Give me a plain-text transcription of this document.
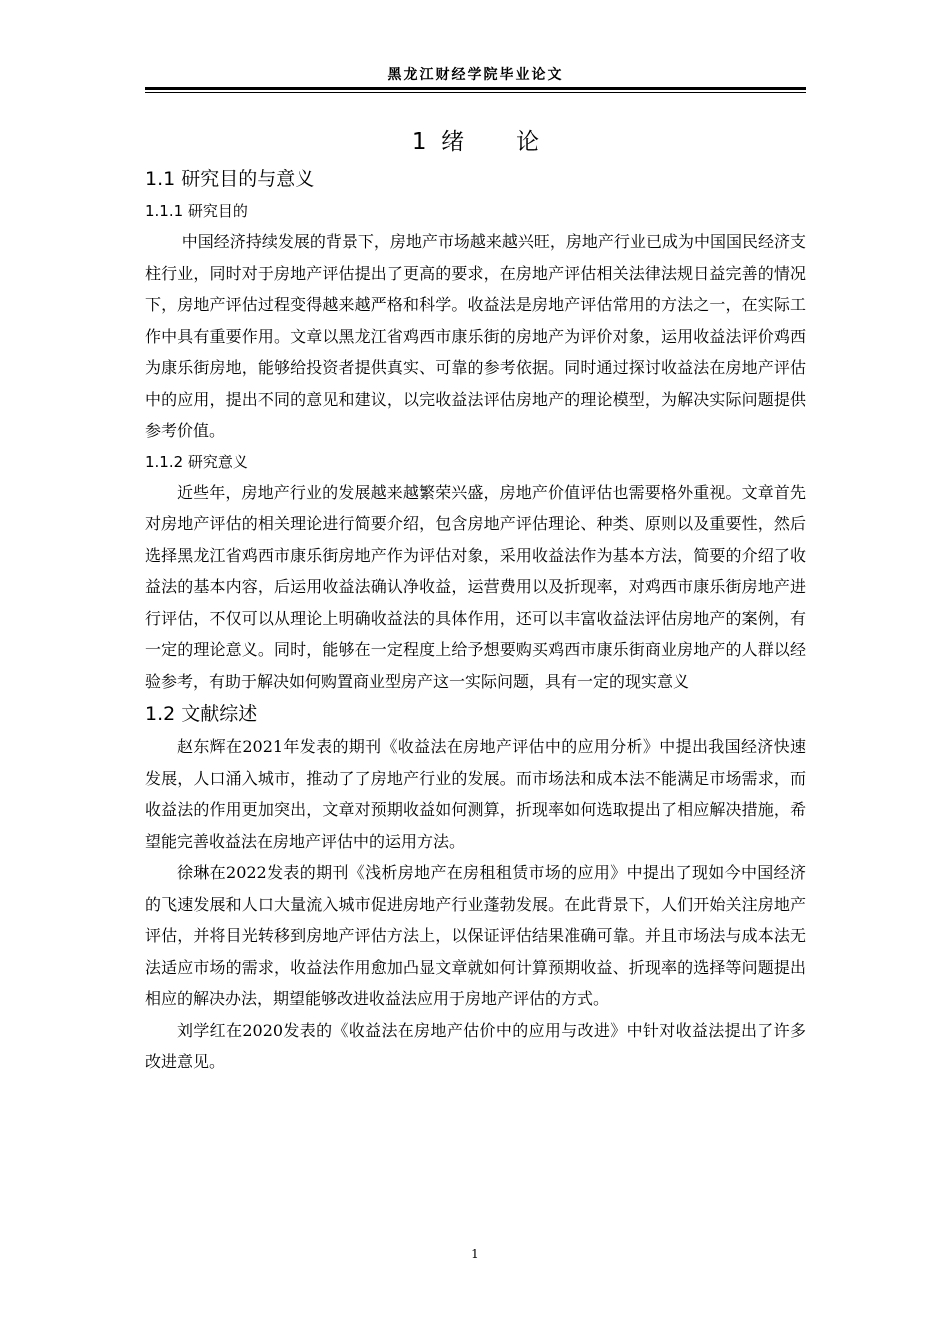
黑龙江财经学院毕业论文
1 绪 论
1.1 研究目的与意义
1.1.1 研究目的

中国经济持续发展的背景下，房地产市场越来越兴旺，房地产行业已成为中国国民经济支柱行业，同时对于房地产评估提出了更高的要求，在房地产评估相关法律法规日益完善的情况下，房地产评估过程变得越来越严格和科学。收益法是房地产评估常用的方法之一，在实际工作中具有重要作用。文章以黑龙江省鸡西市康乐街的房地产为评价对象，运用收益法评价鸡西为康乐街房地，能够给投资者提供真实、可靠的参考依据。同时通过探讨收益法在房地产评估中的应用，提出不同的意见和建议，以完收益法评估房地产的理论模型，为解决实际问题提供参考价值。

1.1.2 研究意义

近些年，房地产行业的发展越来越繁荣兴盛，房地产价值评估也需要格外重视。文章首先对房地产评估的相关理论进行简要介绍，包含房地产评估理论、种类、原则以及重要性，然后选择黑龙江省鸡西市康乐街房地产作为评估对象，采用收益法作为基本方法，简要的介绍了收益法的基本内容，后运用收益法确认净收益，运营费用以及折现率，对鸡西市康乐街房地产进行评估，不仅可以从理论上明确收益法的具体作用，还可以丰富收益法评估房地产的案例，有一定的理论意义。同时，能够在一定程度上给予想要购买鸡西市康乐街商业房地产的人群以经验参考，有助于解决如何购置商业型房产这一实际问题，具有一定的现实意义

1.2 文献综述

赵东辉在2021年发表的期刊《收益法在房地产评估中的应用分析》中提出我国经济快速发展，人口涌入城市，推动了了房地产行业的发展。而市场法和成本法不能满足市场需求，而收益法的作用更加突出，文章对预期收益如何测算，折现率如何选取提出了相应解决措施，希望能完善收益法在房地产评估中的运用方法。

徐琳在2022发表的期刊《浅析房地产在房租租赁市场的应用》中提出了现如今中国经济的飞速发展和人口大量流入城市促进房地产行业蓬勃发展。在此背景下，人们开始关注房地产评估，并将目光转移到房地产评估方法上，以保证评估结果准确可靠。并且市场法与成本法无法适应市场的需求，收益法作用愈加凸显文章就如何计算预期收益、折现率的选择等问题提出相应的解决办法，期望能够改进收益法应用于房地产评估的方式。

刘学红在2020发表的《收益法在房地产估价中的应用与改进》中针对收益法提出了许多改进意见。

1
